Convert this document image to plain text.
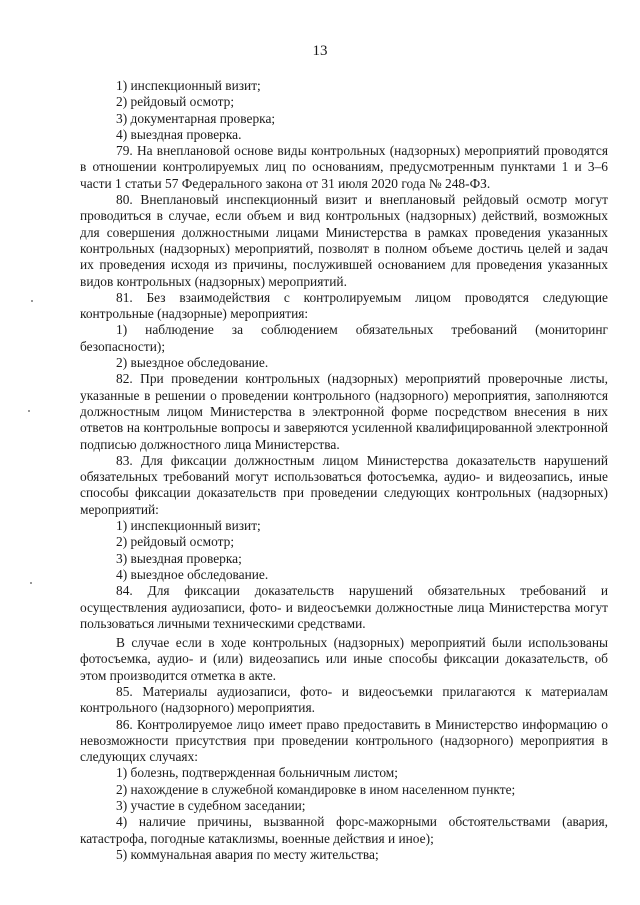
13

1) инспекционный визит;

2) рейдовый осмотр;

3) документарная проверка;

4) выездная проверка.

79. На внеплановой основе виды контрольных (надзорных) мероприятий проводятся в отношении контролируемых лиц по основаниям, предусмотренным пунктами 1 и 3–6 части 1 статьи 57 Федерального закона от 31 июля 2020 года № 248-ФЗ.

80. Внеплановый инспекционный визит и внеплановый рейдовый осмотр могут проводиться в случае, если объем и вид контрольных (надзорных) действий, возможных для совершения должностными лицами Министерства в рамках проведения указанных контрольных (надзорных) мероприятий, позволят в полном объеме достичь целей и задач их проведения исходя из причины, послужившей основанием для проведения указанных видов контрольных (надзорных) мероприятий.

81. Без взаимодействия с контролируемым лицом проводятся следующие контрольные (надзорные) мероприятия:

1) наблюдение за соблюдением обязательных требований (мониторинг безопасности);

2) выездное обследование.

82. При проведении контрольных (надзорных) мероприятий проверочные листы, указанные в решении о проведении контрольного (надзорного) мероприятия, заполняются должностным лицом Министерства в электронной форме посредством внесения в них ответов на контрольные вопросы и заверяются усиленной квалифицированной электронной подписью должностного лица Министерства.

83. Для фиксации должностным лицом Министерства доказательств нарушений обязательных требований могут использоваться фотосъемка, аудио- и видеозапись, иные способы фиксации доказательств при проведении следующих контрольных (надзорных) мероприятий:

1) инспекционный визит;

2) рейдовый осмотр;

3) выездная проверка;

4) выездное обследование.

84. Для фиксации доказательств нарушений обязательных требований и осуществления аудиозаписи, фото- и видеосъемки должностные лица Министерства могут пользоваться личными техническими средствами.

В случае если в ходе контрольных (надзорных) мероприятий были использованы фотосъемка, аудио- и (или) видеозапись или иные способы фиксации доказательств, об этом производится отметка в акте.

85. Материалы аудиозаписи, фото- и видеосъемки прилагаются к материалам контрольного (надзорного) мероприятия.

86. Контролируемое лицо имеет право предоставить в Министерство информацию о невозможности присутствия при проведении контрольного (надзорного) мероприятия в следующих случаях:

1) болезнь, подтвержденная больничным листом;

2) нахождение в служебной командировке в ином населенном пункте;

3) участие в судебном заседании;

4) наличие причины, вызванной форс-мажорными обстоятельствами (авария, катастрофа, погодные катаклизмы, военные действия и иное);

5) коммунальная авария по месту жительства;
